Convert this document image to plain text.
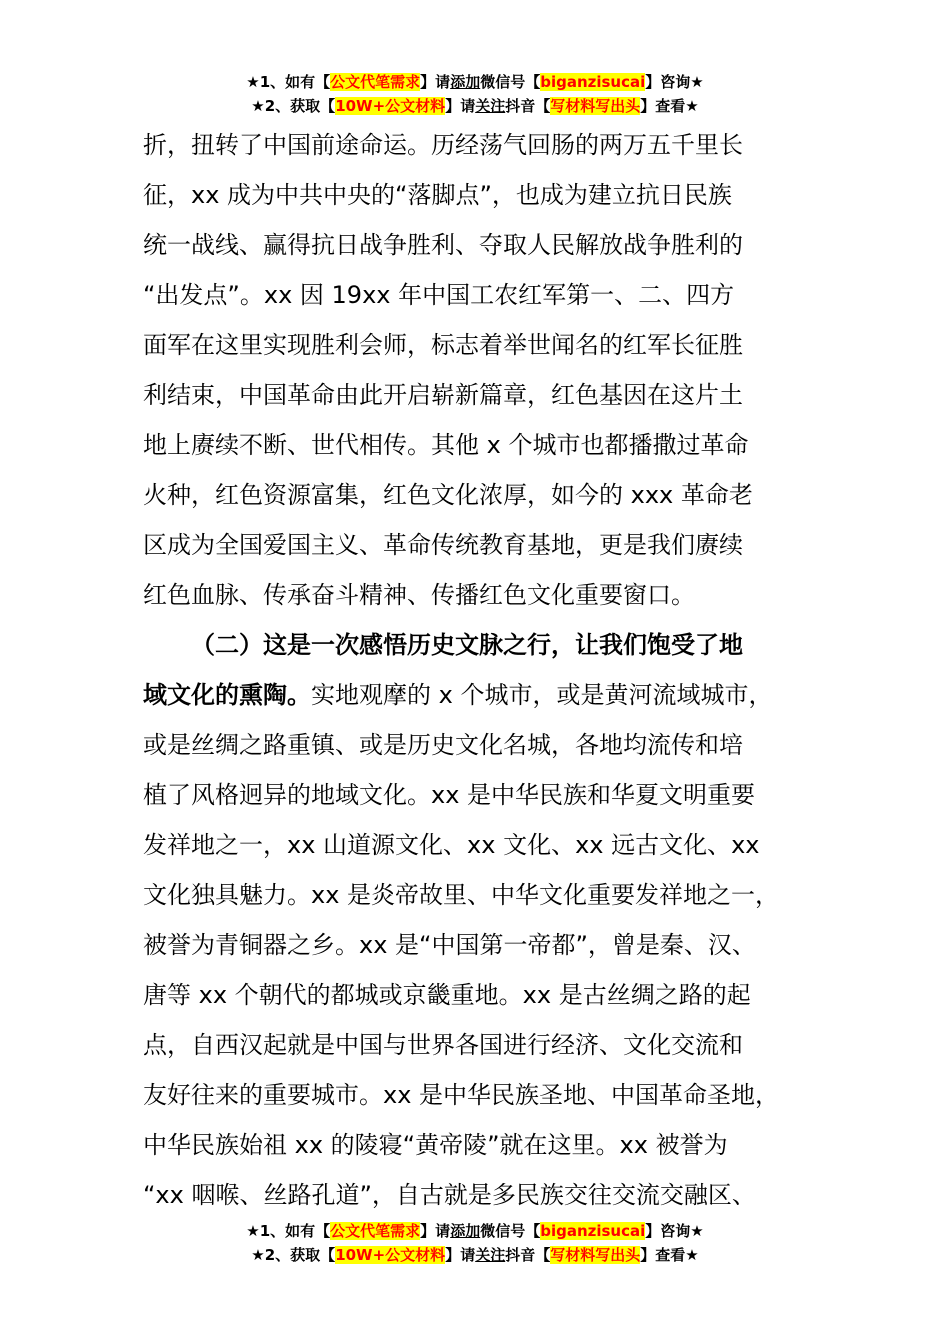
★1、如有【公文代笔需求】请添加微信号【biganzisucai】咨询★
★2、获取【10W+公文材料】请关注抖音【写材料写出头】查看★
折，扭转了中国前途命运。历经荡气回肠的两万五千里长
征，xx 成为中共中央的“落脚点”，也成为建立抗日民族
统一战线、赢得抗日战争胜利、夺取人民解放战争胜利的
“出发点”。xx 因 19xx 年中国工农红军第一、二、四方
面军在这里实现胜利会师，标志着举世闻名的红军长征胜
利结束，中国革命由此开启崭新篇章，红色基因在这片土
地上赓续不断、世代相传。其他 x 个城市也都播撒过革命
火种，红色资源富集，红色文化浓厚，如今的 xxx 革命老
区成为全国爱国主义、革命传统教育基地，更是我们赓续
红色血脉、传承奋斗精神、传播红色文化重要窗口。
（二）这是一次感悟历史文脉之行，让我们饱受了地
域文化的熏陶。实地观摩的 x 个城市，或是黄河流域城市，
或是丝绸之路重镇、或是历史文化名城，各地均流传和培
植了风格迥异的地域文化。xx 是中华民族和华夏文明重要
发祥地之一，xx 山道源文化、xx 文化、xx 远古文化、xx
文化独具魅力。xx 是炎帝故里、中华文化重要发祥地之一，
被誉为青铜器之乡。xx 是“中国第一帝都”，曾是秦、汉、
唐等 xx 个朝代的都城或京畿重地。xx 是古丝绸之路的起
点，自西汉起就是中国与世界各国进行经济、文化交流和
友好往来的重要城市。xx 是中华民族圣地、中国革命圣地，
中华民族始祖 xx 的陵寝“黄帝陵”就在这里。xx 被誉为
“xx 咽喉、丝路孔道”，自古就是多民族交往交流交融区、
★1、如有【公文代笔需求】请添加微信号【biganzisucai】咨询★
★2、获取【10W+公文材料】请关注抖音【写材料写出头】查看★
